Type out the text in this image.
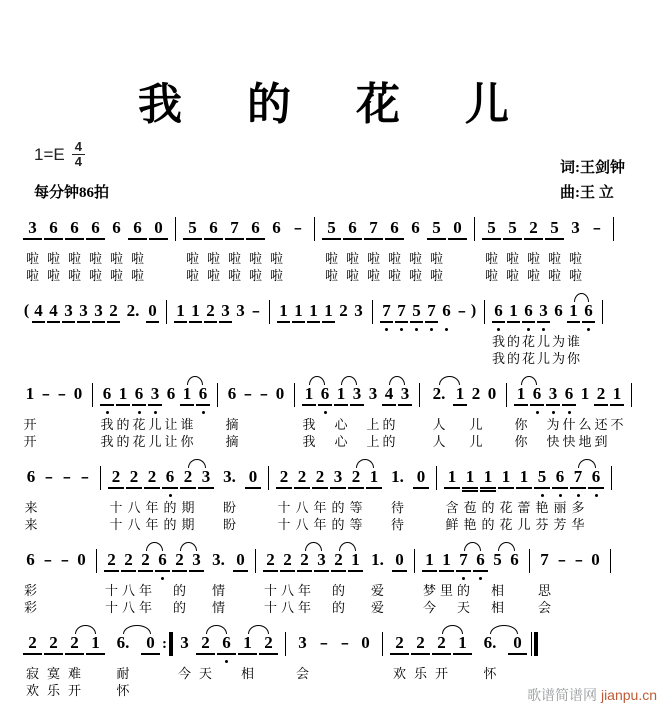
我 的 花 儿
$1=E \frac{4}{4}$
每分钟86拍
词:王剑钟
曲:王 立
3
啦
啦
6
啦
啦
6
啦
啦
6
啦
啦
6
啦
啦
6
啦
啦
0

5
啦
啦
6
啦
啦
7
啦
啦
6
啦
啦
6
啦
啦
-

5
啦
啦
6
啦
啦
7
啦
啦
6
啦
啦
6
啦
啦
5
啦
啦
0

5
啦
啦
5
啦
啦
2
啦
啦
5
啦
啦
3
啦
啦
-

( 4

4

3

3

3

2

2.

0

1

1

2

3

3

-

1

1

1

1

2

3

7

7

5

7

6

-

) 6
我
我
1
的
的
6
花
花
3
儿
儿
6
为
为
1
谁
你
6

1
开
开
-

-

0

6
我
我
1
的
的
6
花
花
3
儿
儿
6
让
让
1
谁
你
6

6
摘
摘
-

-

0

1
我
我
6

1
心
心
3

3
上
上
4
的
的
3

2.
人
人
1

2
儿
儿
0

1
你
你
6

3
为
快
6
什
快
1
么
地
2
还
到
1
不

6
来
来
-

-

-

2
十
十
2
八
八
2
年
年
6
的
的
2
期
期
3

3.
盼
盼
0

2
十
十
2
八
八
2
年
年
3
的
的
2
等
等
1

1.
待
待
0

1
含
鲜
1
苞
艳
1
的
的
1
花
花
1
蕾
儿
5
艳
芬
6
丽
芳
7
多
华
6

6
彩
彩
-

-

0

2
十
十
2
八
八
2
年
年
6

2
的
的
3

3.
情
情
0

2
十
十
2
八
八
2
年
年
3

2
的
的
1

1.
爱
爱
0

1
梦
今
1
里

7
的
天
6

5
相
相
6

7
思
会
-

-

0

2
寂
欢
2
寞
乐
2
难
开
1

6.
耐
怀
0

: 3
今

2
天

6

1
相

2

3
会

-

-

0

2
欢

2
乐

2
开

1

6.
怀

0

歌谱简谱网 jianpu.cn
